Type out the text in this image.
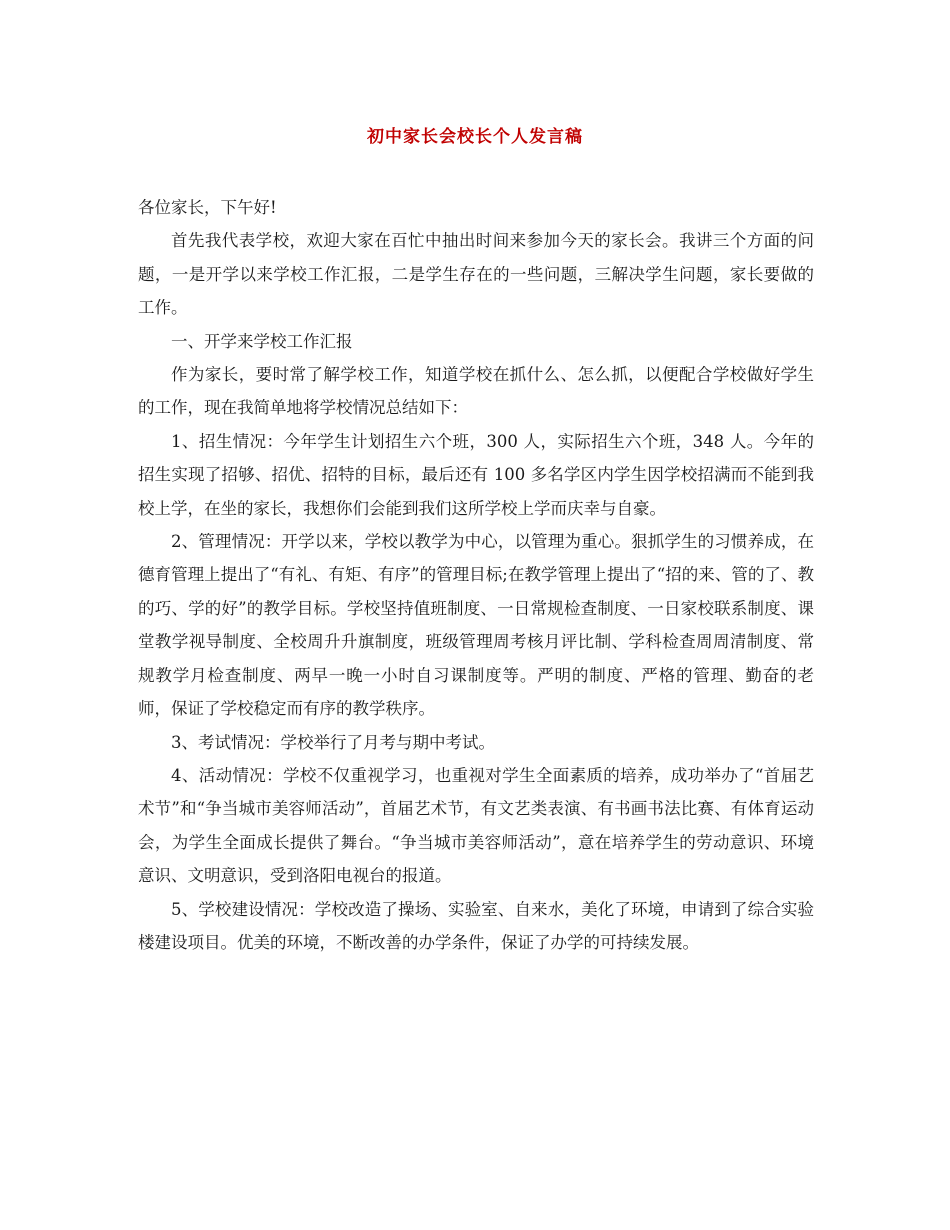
初中家长会校长个人发言稿

各位家长，下午好!

首先我代表学校，欢迎大家在百忙中抽出时间来参加今天的家长会。我讲三个方面的问题，一是开学以来学校工作汇报，二是学生存在的一些问题，三解决学生问题，家长要做的工作。

一、开学来学校工作汇报

作为家长，要时常了解学校工作，知道学校在抓什么、怎么抓，以便配合学校做好学生的工作，现在我简单地将学校情况总结如下：

1、招生情况：今年学生计划招生六个班，300 人，实际招生六个班，348 人。今年的招生实现了招够、招优、招特的目标，最后还有 100 多名学区内学生因学校招满而不能到我校上学，在坐的家长，我想你们会能到我们这所学校上学而庆幸与自豪。

2、管理情况：开学以来，学校以教学为中心，以管理为重心。狠抓学生的习惯养成，在德育管理上提出了“有礼、有矩、有序”的管理目标;在教学管理上提出了“招的来、管的了、教的巧、学的好”的教学目标。学校坚持值班制度、一日常规检查制度、一日家校联系制度、课堂教学视导制度、全校周升升旗制度，班级管理周考核月评比制、学科检查周周清制度、常规教学月检查制度、两早一晚一小时自习课制度等。严明的制度、严格的管理、勤奋的老师，保证了学校稳定而有序的教学秩序。

3、考试情况：学校举行了月考与期中考试。

4、活动情况：学校不仅重视学习，也重视对学生全面素质的培养，成功举办了“首届艺术节”和“争当城市美容师活动”，首届艺术节，有文艺类表演、有书画书法比赛、有体育运动会，为学生全面成长提供了舞台。“争当城市美容师活动”，意在培养学生的劳动意识、环境意识、文明意识，受到洛阳电视台的报道。

5、学校建设情况：学校改造了操场、实验室、自来水，美化了环境，申请到了综合实验楼建设项目。优美的环境，不断改善的办学条件，保证了办学的可持续发展。
